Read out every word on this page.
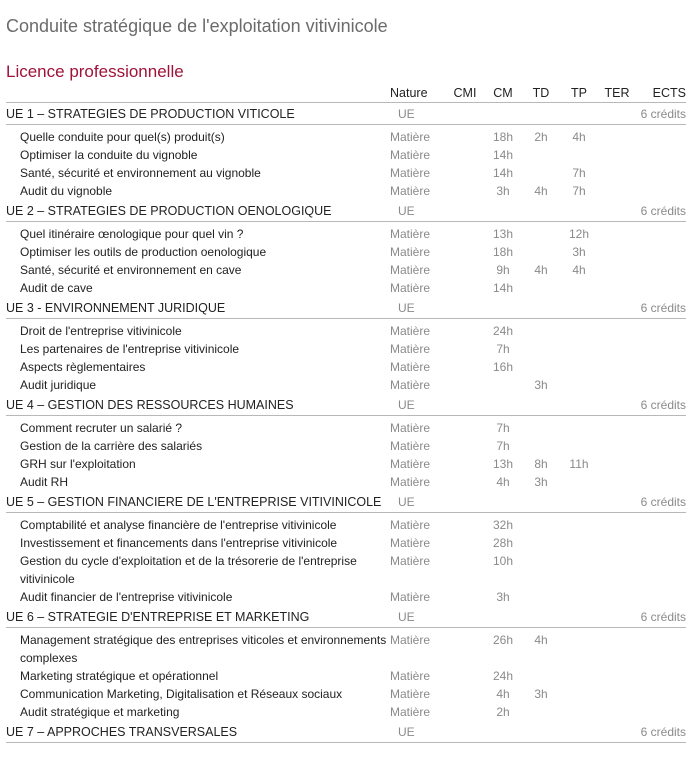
Conduite stratégique de l'exploitation vitivinicole
Licence professionnelle
	Nature	CMI	CM	TD	TP	TER	ECTS
UE 1 – STRATEGIES DE PRODUCTION VITICOLE	UE						6 crédits
Quelle conduite pour quel(s) produit(s)	Matière		18h	2h	4h		
Optimiser la conduite du vignoble	Matière		14h				
Santé, sécurité et environnement au vignoble	Matière		14h		7h		
Audit du vignoble	Matière		3h	4h	7h		
UE 2 – STRATEGIES DE PRODUCTION OENOLOGIQUE	UE						6 crédits
Quel itinéraire œnologique pour quel vin ?	Matière		13h		12h		
Optimiser les outils de production oenologique	Matière		18h		3h		
Santé, sécurité et environnement en cave	Matière		9h	4h	4h		
Audit de cave	Matière		14h				
UE 3 - ENVIRONNEMENT JURIDIQUE	UE						6 crédits
Droit de l'entreprise vitivinicole	Matière		24h				
Les partenaires de l'entreprise vitivinicole	Matière		7h				
Aspects règlementaires	Matière		16h				
Audit juridique	Matière			3h			
UE 4 – GESTION DES RESSOURCES HUMAINES	UE						6 crédits
Comment recruter un salarié ?	Matière		7h				
Gestion de la carrière des salariés	Matière		7h				
GRH sur l'exploitation	Matière		13h	8h	11h		
Audit RH	Matière		4h	3h			
UE 5 – GESTION FINANCIERE DE L'ENTREPRISE VITIVINICOLE	UE						6 crédits
Comptabilité et analyse financière de l'entreprise vitivinicole	Matière		32h				
Investissement et financements dans l'entreprise vitivinicole	Matière		28h				
Gestion du cycle d'exploitation et de la trésorerie de l'entreprise vitivinicole	Matière		10h				
Audit financier de l'entreprise vitivinicole	Matière		3h				
UE 6 – STRATEGIE D'ENTREPRISE ET MARKETING	UE						6 crédits
Management stratégique des entreprises viticoles et environnements complexes	Matière		26h	4h			
Marketing stratégique et opérationnel	Matière		24h				
Communication Marketing, Digitalisation et Réseaux sociaux	Matière		4h	3h			
Audit stratégique et marketing	Matière		2h				
UE 7 – APPROCHES TRANSVERSALES	UE						6 crédits
